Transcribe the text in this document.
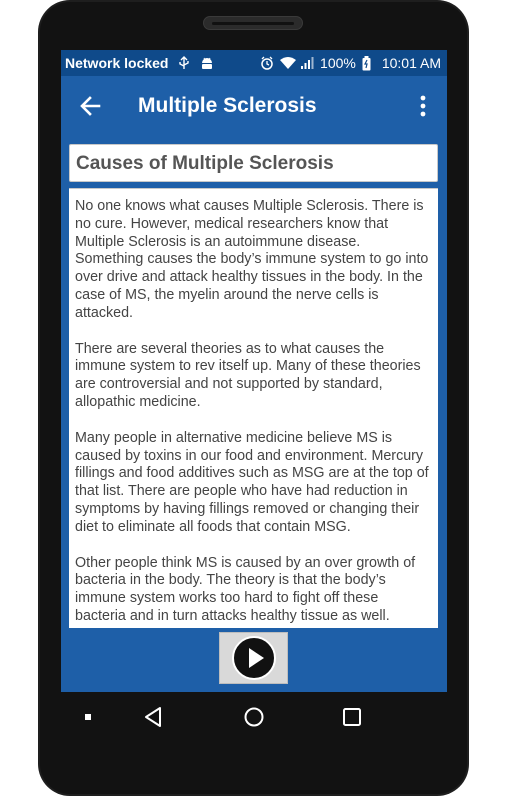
Network locked	100% 10:01 AM
Multiple Sclerosis
Causes of Multiple Sclerosis

No one knows what causes Multiple Sclerosis. There is no cure. However, medical researchers know that Multiple Sclerosis is an autoimmune disease. Something causes the body’s immune system to go into over drive and attack healthy tissues in the body. In the case of MS, the myelin around the nerve cells is attacked.

There are several theories as to what causes the immune system to rev itself up. Many of these theories are controversial and not supported by standard, allopathic medicine.

Many people in alternative medicine believe MS is caused by toxins in our food and environment. Mercury fillings and food additives such as MSG are at the top of that list. There are people who have had reduction in symptoms by having fillings removed or changing their diet to eliminate all foods that contain MSG.

Other people think MS is caused by an over growth of bacteria in the body. The theory is that the body’s immune system works too hard to fight off these bacteria and in turn attacks healthy tissue as well.
